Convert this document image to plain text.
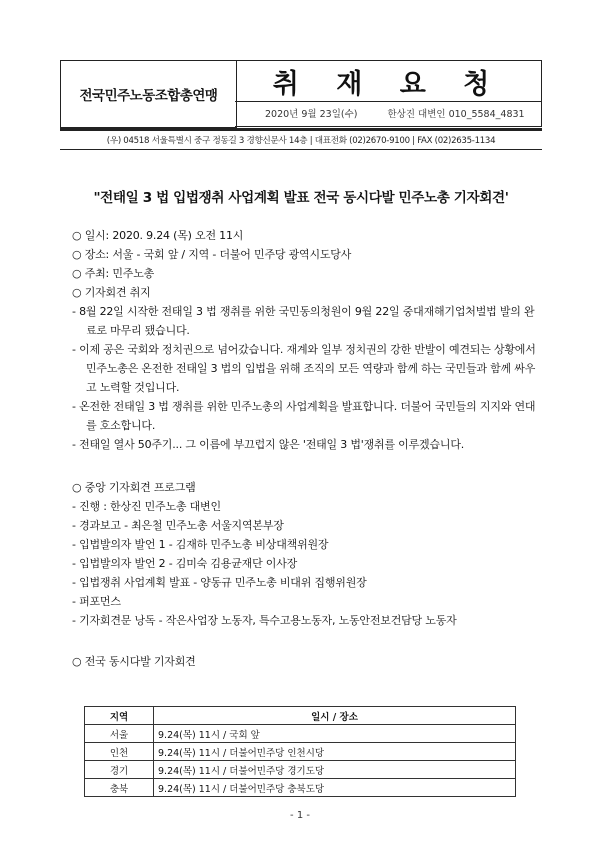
전국민주노동조합총연맹	취 재 요 청
2020년 9월 23일(수)	한상진 대변인 010_5584_4831
(우) 04518 서울특별시 중구 정동길 3 경향신문사 14층 | 대표전화 (02)2670-9100 | FAX (02)2635-1134
"전태일 3 법 입법쟁취 사업계획 발표 전국 동시다발 민주노총 기자회견'

○ 일시: 2020. 9.24 (목) 오전 11시

○ 장소: 서울 - 국회 앞 / 지역 - 더불어 민주당 광역시도당사

○ 주최: 민주노총

○ 기자회견 취지

- 8월 22일 시작한 전태일 3 법 쟁취를 위한 국민동의청원이 9월 22일 중대재해기업처벌법 발의 완료로 마무리 됐습니다.

- 이제 공은 국회와 정치권으로 넘어갔습니다. 재계와 일부 정치권의 강한 반발이 예견되는 상황에서 민주노총은 온전한 전태일 3 법의 입법을 위해 조직의 모든 역량과 함께 하는 국민들과 함께 싸우고 노력할 것입니다.

- 온전한 전태일 3 법 쟁취를 위한 민주노총의 사업계획을 발표합니다. 더불어 국민들의 지지와 연대를 호소합니다.

- 전태일 열사 50주기... 그 이름에 부끄럽지 않은 '전태일 3 법'쟁취를 이루겠습니다.

○ 중앙 기자회견 프로그램

- 진행 : 한상진 민주노총 대변인

- 경과보고 - 최은철 민주노총 서울지역본부장

- 입법발의자 발언 1 - 김재하 민주노총 비상대책위원장

- 입법발의자 발언 2 - 김미숙 김용균재단 이사장

- 입법쟁취 사업계획 발표 - 양동규 민주노총 비대위 집행위원장

- 퍼포먼스

- 기자회견문 낭독 - 작은사업장 노동자, 특수고용노동자, 노동안전보건담당 노동자

○ 전국 동시다발 기자회견
지역	일시 / 장소
서울	9.24(목) 11시 / 국회 앞
인천	9.24(목) 11시 / 더불어민주당 인천시당
경기	9.24(목) 11시 / 더불어민주당 경기도당
충북	9.24(목) 11시 / 더불어민주당 충북도당
- 1 -
